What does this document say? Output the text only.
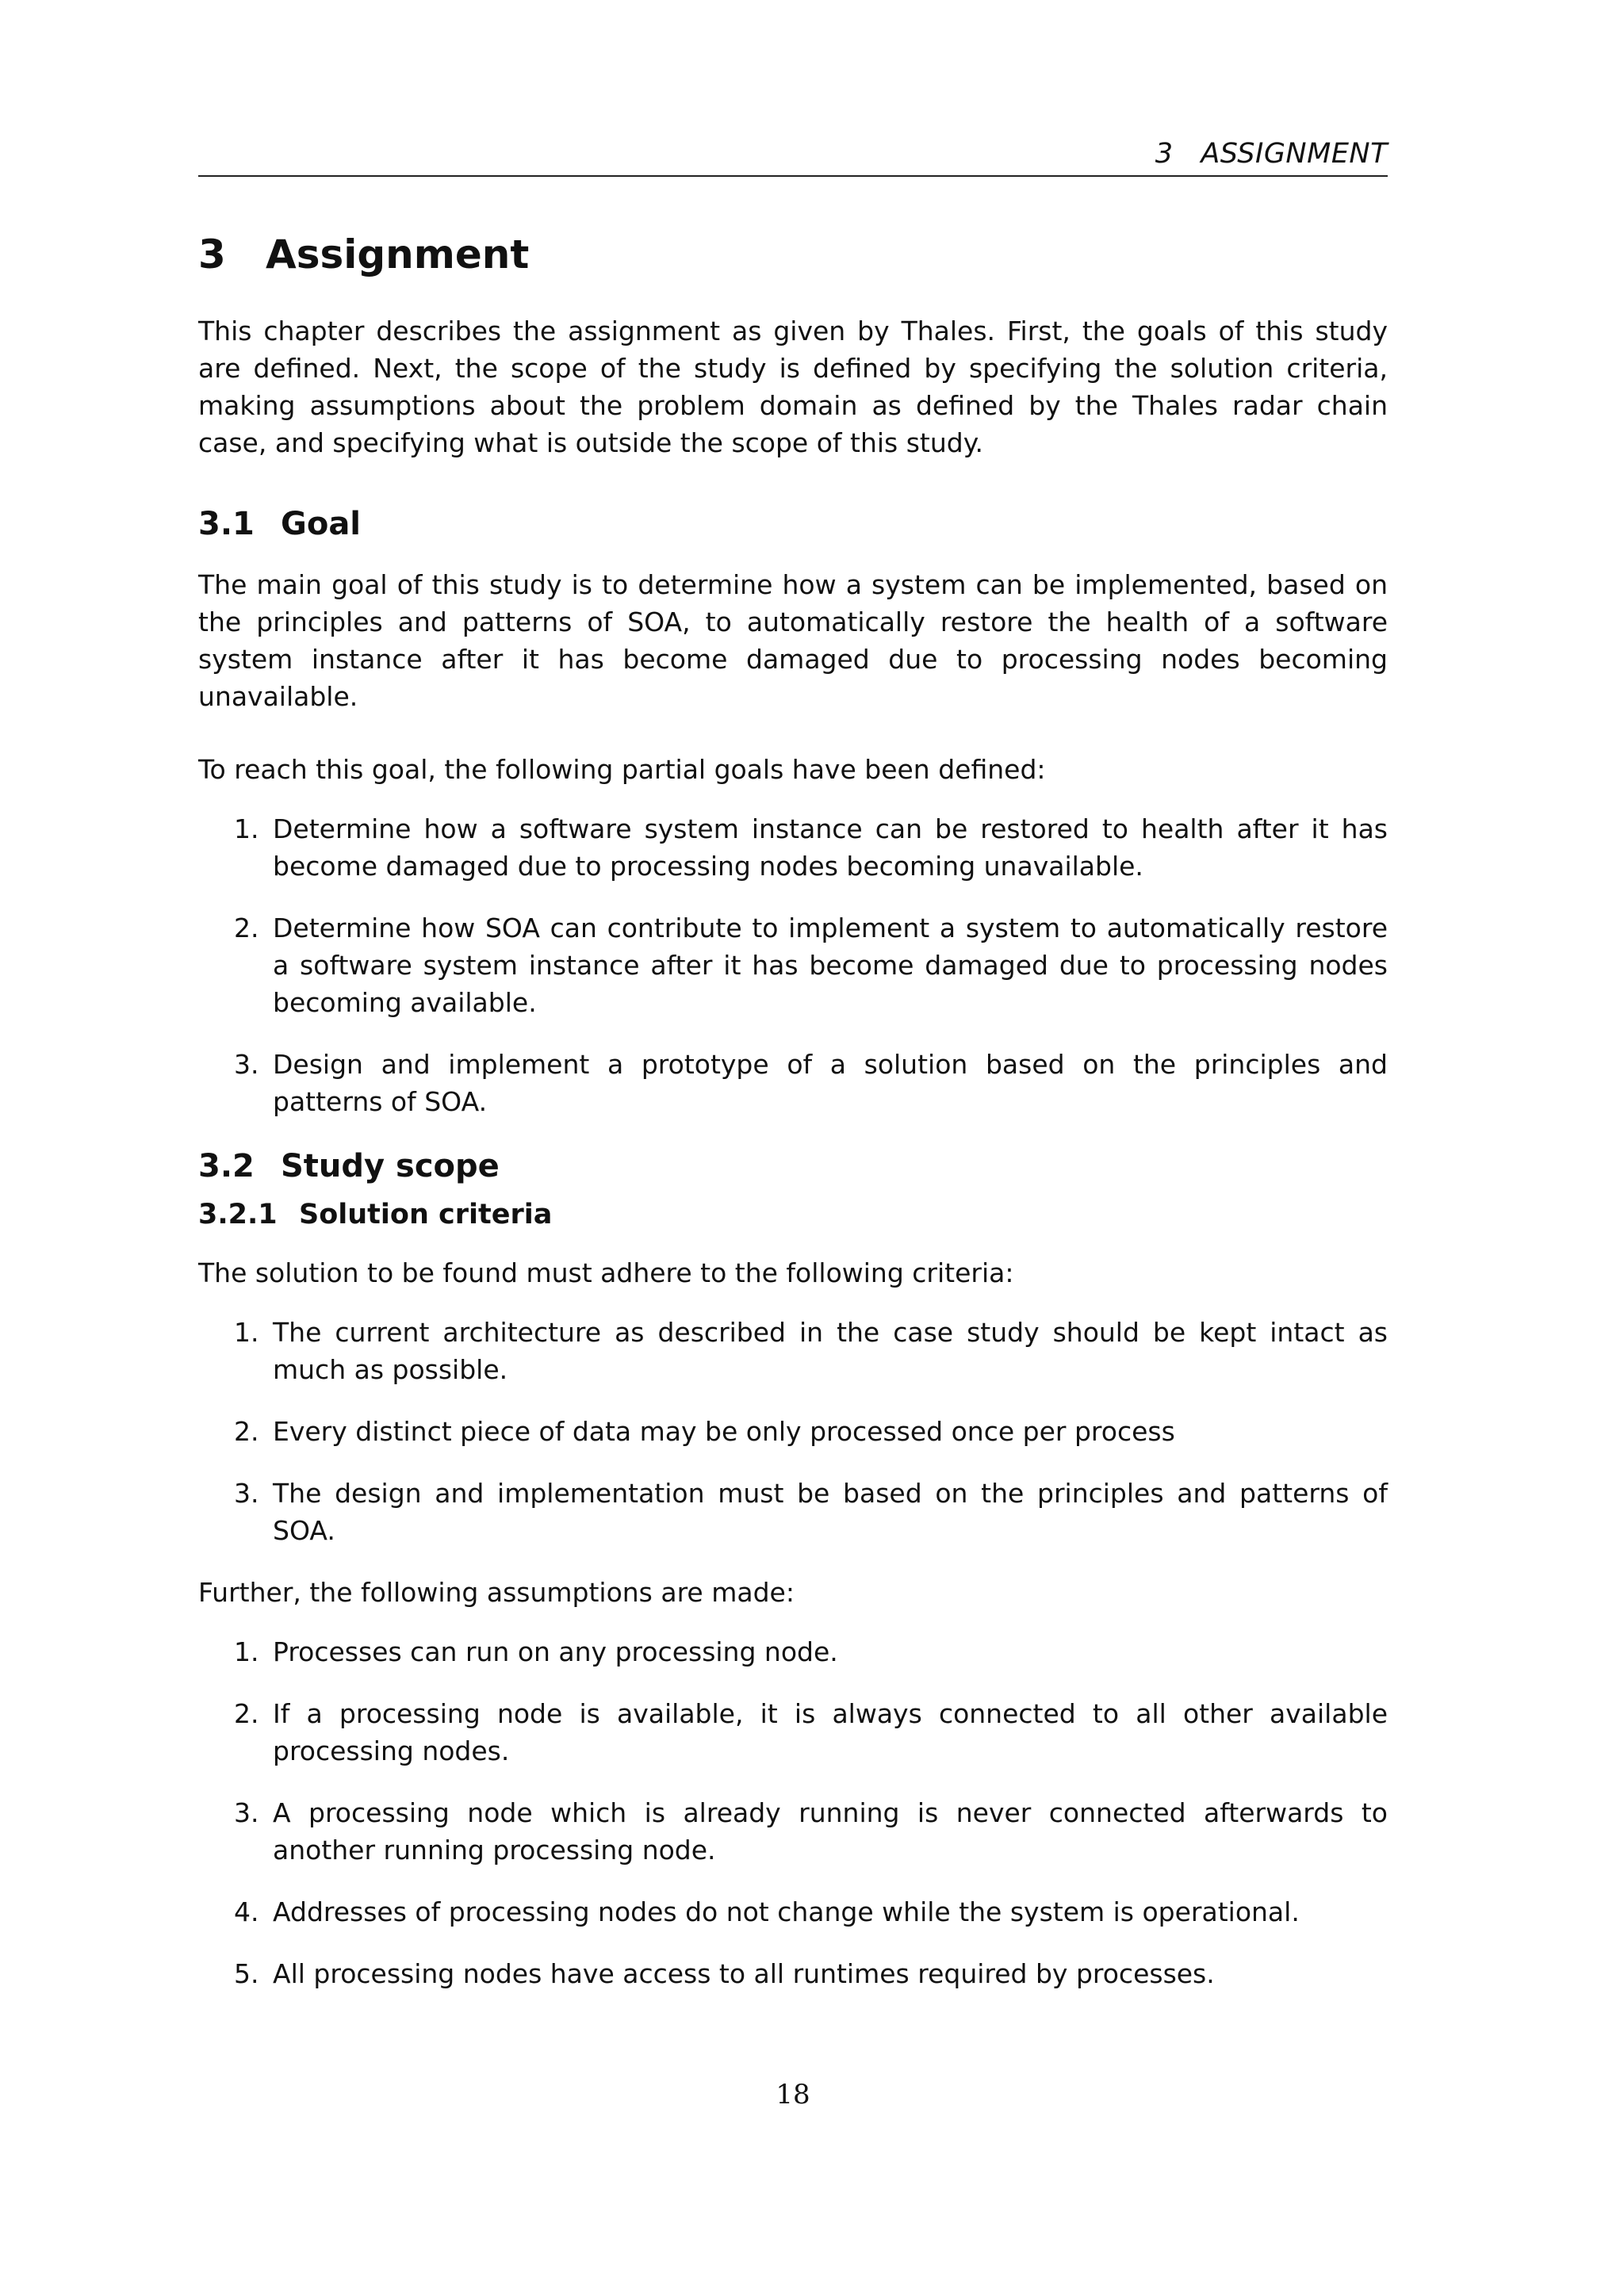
3   ASSIGNMENT
3 Assignment

This chapter describes the assignment as given by Thales. First, the goals of this study are defined. Next, the scope of the study is defined by specifying the solution criteria, making assumptions about the problem domain as defined by the Thales radar chain case, and specifying what is outside the scope of this study.

3.1 Goal

The main goal of this study is to determine how a system can be implemented, based on the principles and patterns of SOA, to automatically restore the health of a software system instance after it has become damaged due to processing nodes becoming unavailable.

To reach this goal, the following partial goals have been defined:

1. Determine how a software system instance can be restored to health after it has become damaged due to processing nodes becoming unavailable.
2. Determine how SOA can contribute to implement a system to automatically restore a software system instance after it has become damaged due to processing nodes becoming available.
3. Design and implement a prototype of a solution based on the principles and patterns of SOA.
3.2 Study scope
3.2.1 Solution criteria

The solution to be found must adhere to the following criteria:

1. The current architecture as described in the case study should be kept intact as much as possible.
2. Every distinct piece of data may be only processed once per process
3. The design and implementation must be based on the principles and patterns of SOA.

Further, the following assumptions are made:

1. Processes can run on any processing node.
2. If a processing node is available, it is always connected to all other available processing nodes.
3. A processing node which is already running is never connected afterwards to another running processing node.
4. Addresses of processing nodes do not change while the system is operational.
5. All processing nodes have access to all runtimes required by processes.
18
